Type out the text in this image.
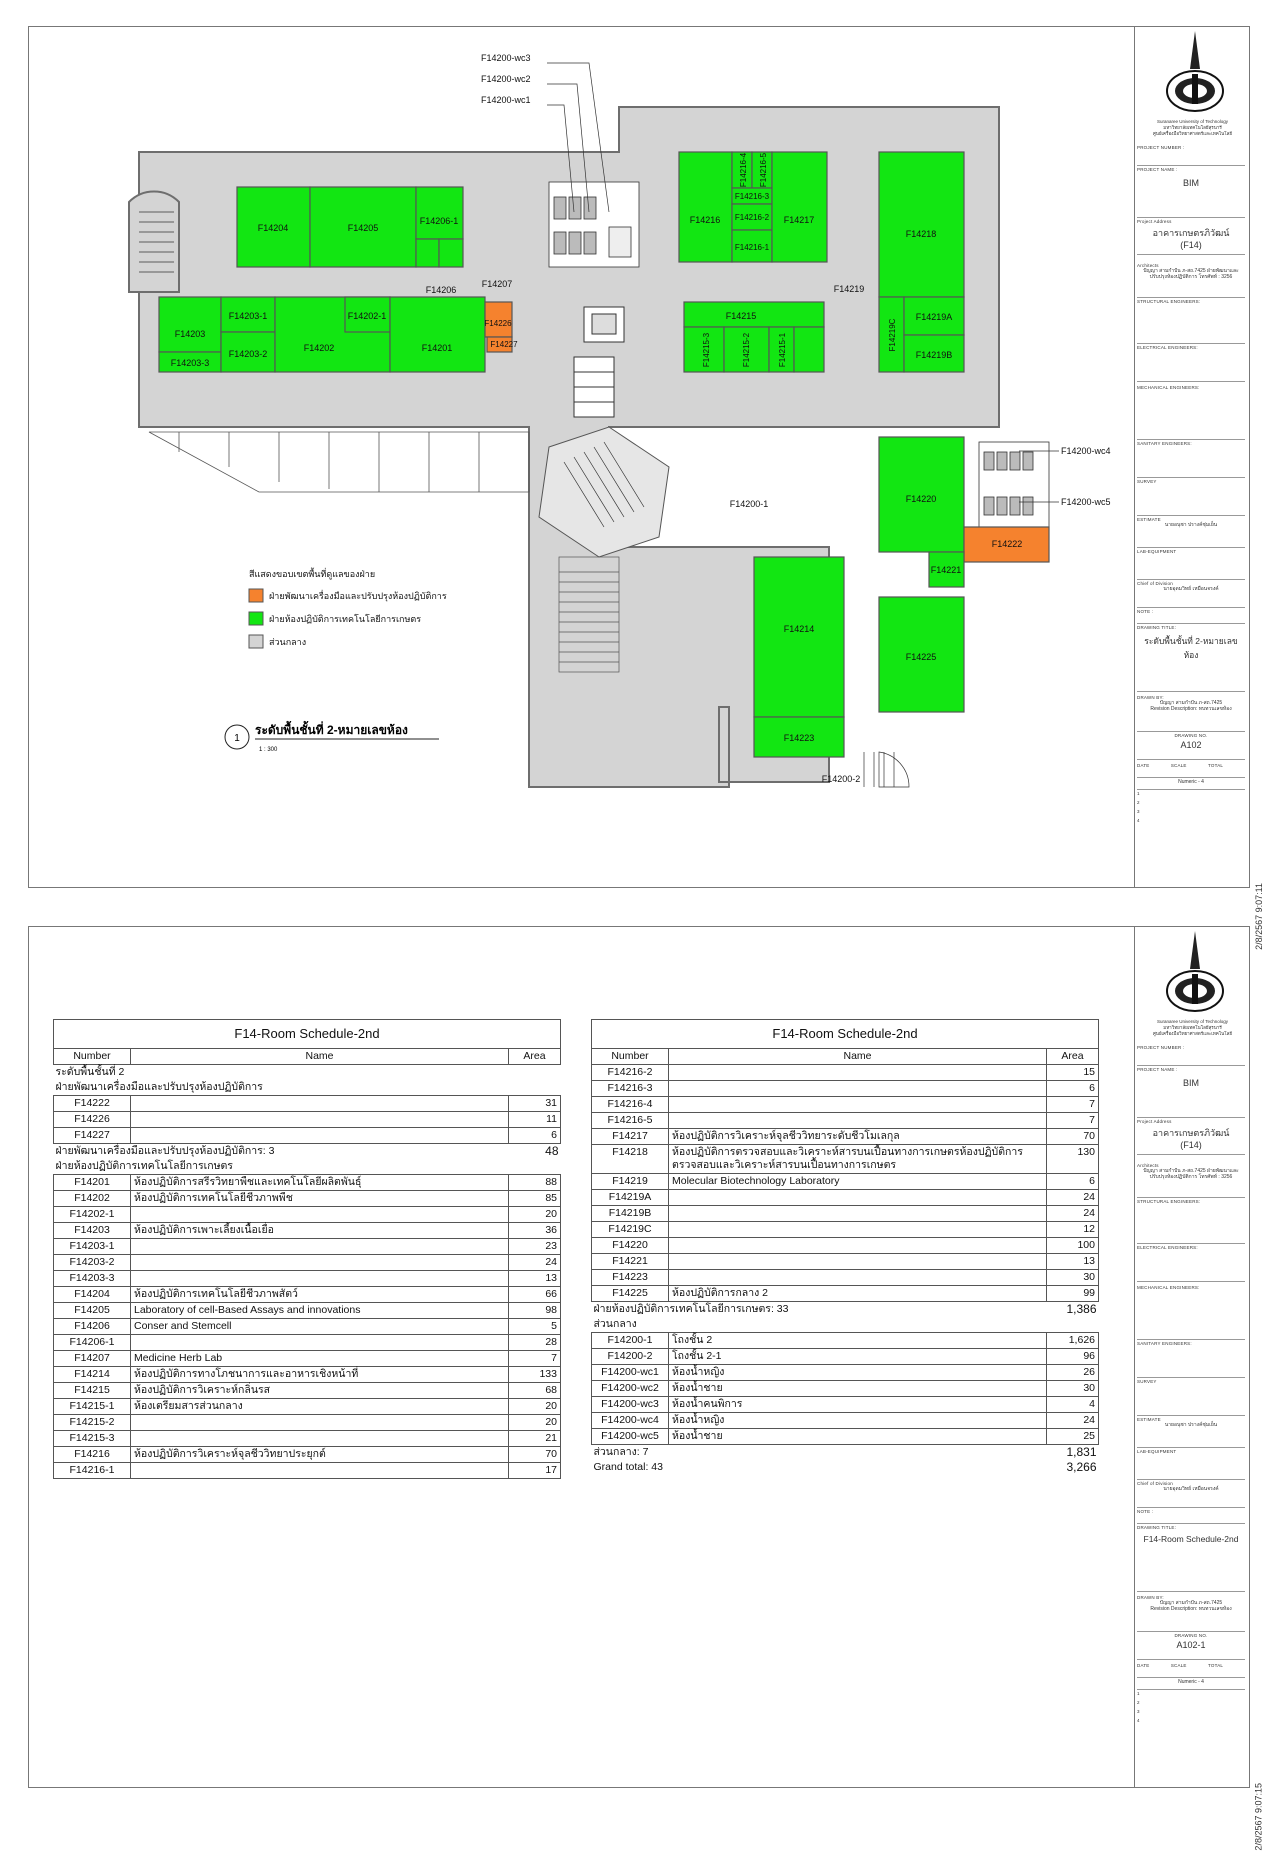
F14204	F14205
F14206-1
F14206
F14207
F14216
F14216-4 F14216-5
F14216-3
F14216-2
F14216-1
F14217
F14218
F14219
F14203
F14203-3
F14203-1
F14203-2
F14202
F14202-1
F14201
F14226
F14227
F14215
F14215-3	F14215-2	F14215-1	F14219C
F14219A
F14219B
F14200-1	F14220
F14222
F14221
F14214
F14225
F14223
F14200-2
F14200-wc3
F14200-wc2
F14200-wc1
F14200-wc4
F14200-wc5
สีแสดงขอบเขตพื้นที่ดูแลของฝ่าย
ฝ่ายพัฒนาเครื่องมือและปรับปรุงห้องปฏิบัติการ
ฝ่ายห้องปฏิบัติการเทคโนโลยีการเกษตร
ส่วนกลาง
1
ระดับพื้นชั้นที่ 2-หมายเลขห้อง
1 : 300
Suranaree University of Technology
มหาวิทยาลัยเทคโนโลยีสุรนารี
ศูนย์เครื่องมือวิทยาศาสตร์และเทคโนโลยี
PROJECT NUMBER :
PROJECT NAME :
BIM
Project Address
อาคารเกษตรภิวัฒน์
(F14)
Architects
ปัญญา สามกำปัน ภ-สถ.7425 ฝ่ายพัฒนาและปรับปรุงห้องปฏิบัติการ โทรศัพท์ : 3256
STRUCTURAL ENGINEERS:
ELECTRICAL ENGINEERS:
MECHANICAL ENGINEERS:
SANITARY ENGINEERS:
SURVEY
ESTIMATE
นายอนุชา ปรางค์ชุ่มเย็น
LAB-EQUIPMENT
Chief of Division
นายอุดมวิทย์ เหมือนจรงค์
NOTE :
DRAWING TITLE:
ระดับพื้นชั้นที่ 2-หมายเลขห้อง
DRAWN BY:
ปัญญา สามกำปัน ภ-สถ.7425
Revision Description: ทบทวนเลขห้อง
DRAWING NO.
A102
DATE	SCALE	TOTAL
Numeric - 4
1
2
3
4
2/8/2567 9:07:11
F14-Room Schedule-2nd		
Number	Name	Area
ระดับพื้นชั้นที่ 2		
ฝ่ายพัฒนาเครื่องมือและปรับปรุงห้องปฏิบัติการ		
F14222		31
F14226		11
F14227		6
ฝ่ายพัฒนาเครื่องมือและปรับปรุงห้องปฏิบัติการ: 3		48
ฝ่ายห้องปฏิบัติการเทคโนโลยีการเกษตร		
F14201	ห้องปฏิบัติการสรีรวิทยาพืชและเทคโนโลยีผลิตพันธุ์	88
F14202	ห้องปฏิบัติการเทคโนโลยีชีวภาพพืช	85
F14202-1		20
F14203	ห้องปฏิบัติการเพาะเลี้ยงเนื้อเยื่อ	36
F14203-1		23
F14203-2		24
F14203-3		13
F14204	ห้องปฏิบัติการเทคโนโลยีชีวภาพสัตว์	66
F14205	Laboratory of cell-Based Assays and innovations	98
F14206	Conser and Stemcell	5
F14206-1		28
F14207	Medicine Herb Lab	7
F14214	ห้องปฏิบัติการทางโภชนาการและอาหารเชิงหน้าที่	133
F14215	ห้องปฏิบัติการวิเคราะห์กลิ่นรส	68
F14215-1	ห้องเตรียมสารส่วนกลาง	20
F14215-2		20
F14215-3		21
F14216	ห้องปฏิบัติการวิเคราะห์จุลชีววิทยาประยุกต์	70
F14216-1		17
F14-Room Schedule-2nd		
Number	Name	Area
F14216-2		15
F14216-3		6
F14216-4		7
F14216-5		7
F14217	ห้องปฏิบัติการวิเคราะห์จุลชีววิทยาระดับชีวโมเลกุล	70
F14218	ห้องปฏิบัติการตรวจสอบและวิเคราะห์สารบนเปื้อนทางการเกษตรห้องปฏิบัติการตรวจสอบและวิเคราะห์สารบนเปื้อนทางการเกษตร	130
F14219	Molecular Biotechnology Laboratory	6
F14219A		24
F14219B		24
F14219C		12
F14220		100
F14221		13
F14223		30
F14225	ห้องปฏิบัติการกลาง 2	99
ฝ่ายห้องปฏิบัติการเทคโนโลยีการเกษตร: 33		1,386
ส่วนกลาง		
F14200-1	โถงชั้น 2	1,626
F14200-2	โถงชั้น 2-1	96
F14200-wc1	ห้องน้ำหญิง	26
F14200-wc2	ห้องน้ำชาย	30
F14200-wc3	ห้องน้ำคนพิการ	4
F14200-wc4	ห้องน้ำหญิง	24
F14200-wc5	ห้องน้ำชาย	25
ส่วนกลาง: 7		1,831
Grand total: 43		3,266
Suranaree University of Technology
มหาวิทยาลัยเทคโนโลยีสุรนารี
ศูนย์เครื่องมือวิทยาศาสตร์และเทคโนโลยี
PROJECT NUMBER :
PROJECT NAME :
BIM
Project Address
อาคารเกษตรภิวัฒน์
(F14)
Architects
ปัญญา สามกำปัน ภ-สถ.7425 ฝ่ายพัฒนาและปรับปรุงห้องปฏิบัติการ โทรศัพท์ : 3256
STRUCTURAL ENGINEERS:
ELECTRICAL ENGINEERS:
MECHANICAL ENGINEERS:
SANITARY ENGINEERS:
SURVEY
ESTIMATE
นายอนุชา ปรางค์ชุ่มเย็น
LAB-EQUIPMENT
Chief of Division
นายอุดมวิทย์ เหมือนจรงค์
NOTE :
DRAWING TITLE:
F14-Room Schedule-2nd
DRAWN BY:
ปัญญา สามกำปัน ภ-สถ.7425
Revision Description: ทบทวนเลขห้อง
DRAWING NO.
A102-1
DATE	SCALE	TOTAL
Numeric - 4
1
2
3
4
2/8/2567 9:07:15
